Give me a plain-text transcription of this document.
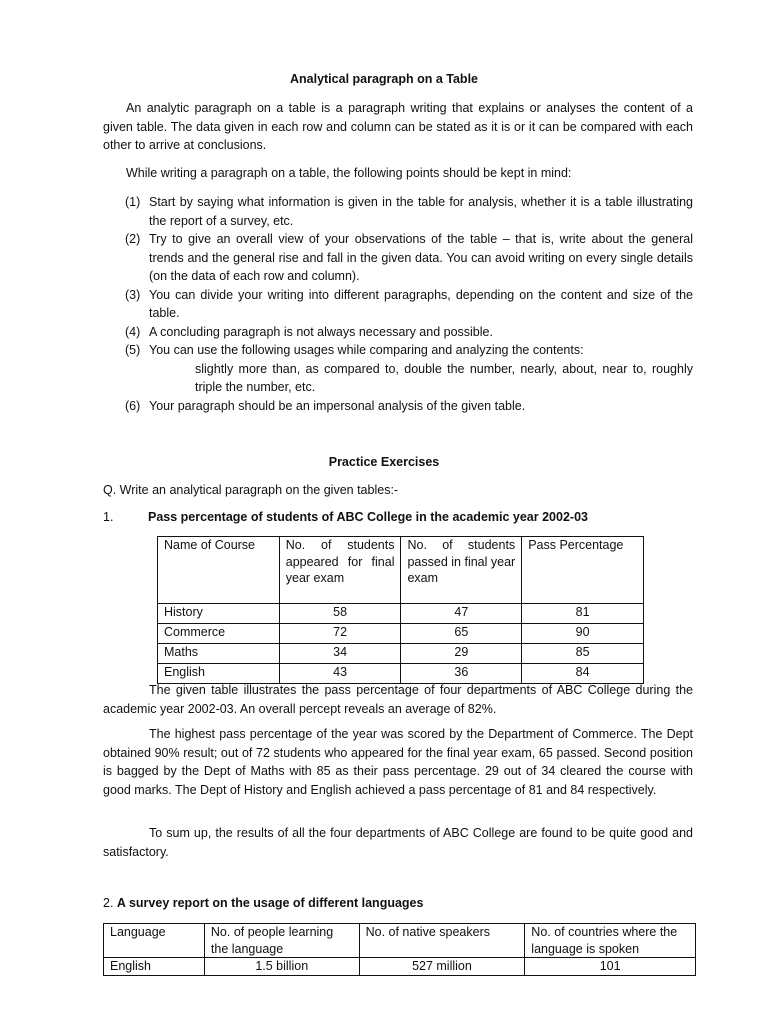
Analytical paragraph on a Table
An analytic paragraph on a table is a paragraph writing that explains or analyses the content of a given table. The data given in each row and column can be stated as it is or it can be compared with each other to arrive at conclusions.
While writing a paragraph on a table, the following points should be kept in mind:
(1) Start by saying what information is given in the table for analysis, whether it is a table illustrating the report of a survey, etc.
(2) Try to give an overall view of your observations of the table – that is, write about the general trends and the general rise and fall in the given data. You can avoid writing on every single details (on the data of each row and column).
(3) You can divide your writing into different paragraphs, depending on the content and size of the table.
(4) A concluding paragraph is not always necessary and possible.
(5) You can use the following usages while comparing and analyzing the contents:
slightly more than, as compared to, double the number, nearly, about, near to, roughly triple the number, etc.
(6) Your paragraph should be an impersonal analysis of the given table.
Practice Exercises
Q. Write an analytical paragraph on the given tables:-
1.	Pass percentage of students of ABC College in the academic year 2002-03
Name of Course	No. of students appeared for final year exam	No. of students passed in final year exam	Pass Percentage
History	58	47	81
Commerce	72	65	90
Maths	34	29	85
English	43	36	84
The given table illustrates the pass percentage of four departments of ABC College during the academic year 2002-03. An overall percept reveals an average of 82%.
The highest pass percentage of the year was scored by the Department of Commerce. The Dept obtained 90% result; out of 72 students who appeared for the final year exam, 65 passed. Second position is bagged by the Dept of Maths with 85 as their pass percentage. 29 out of 34 cleared the course with good marks. The Dept of History and English achieved a pass percentage of 81 and 84 respectively.
To sum up, the results of all the four departments of ABC College are found to be quite good and satisfactory.
2. A survey report on the usage of different languages
Language	No. of people learning the language	No. of native speakers	No. of countries where the language is spoken
English	1.5 billion	527 million	101
